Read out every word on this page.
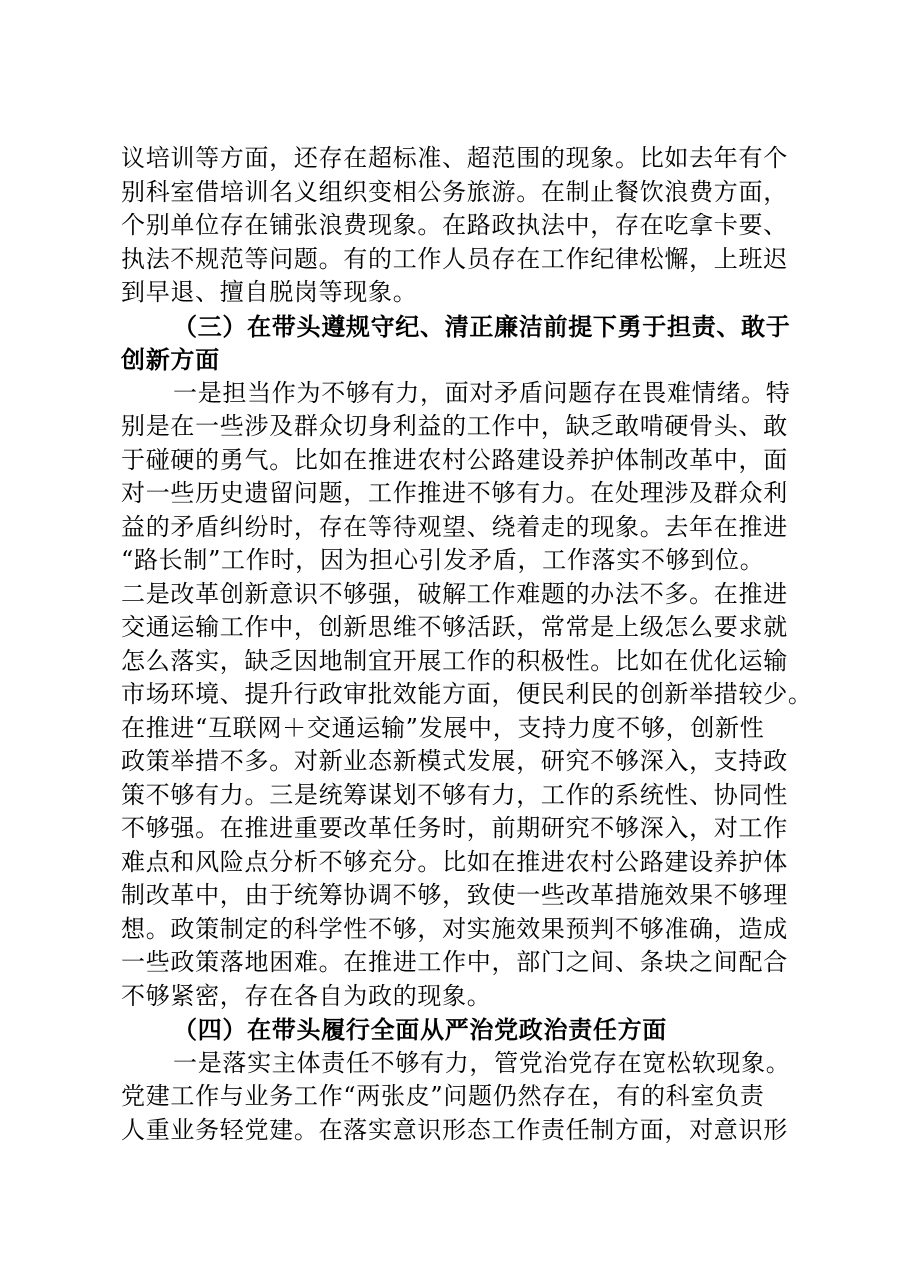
议培训等方面，还存在超标准、超范围的现象。比如去年有个
别科室借培训名义组织变相公务旅游。在制止餐饮浪费方面，
个别单位存在铺张浪费现象。在路政执法中，存在吃拿卡要、
执法不规范等问题。有的工作人员存在工作纪律松懈，上班迟
到早退、擅自脱岗等现象。
（三）在带头遵规守纪、清正廉洁前提下勇于担责、敢于
创新方面
一是担当作为不够有力，面对矛盾问题存在畏难情绪。特
别是在一些涉及群众切身利益的工作中，缺乏敢啃硬骨头、敢
于碰硬的勇气。比如在推进农村公路建设养护体制改革中，面
对一些历史遗留问题，工作推进不够有力。在处理涉及群众利
益的矛盾纠纷时，存在等待观望、绕着走的现象。去年在推进
“路长制”工作时，因为担心引发矛盾，工作落实不够到位。
二是改革创新意识不够强，破解工作难题的办法不多。在推进
交通运输工作中，创新思维不够活跃，常常是上级怎么要求就
怎么落实，缺乏因地制宜开展工作的积极性。比如在优化运输
市场环境、提升行政审批效能方面，便民利民的创新举措较少。
在推进“互联网＋交通运输”发展中，支持力度不够，创新性
政策举措不多。对新业态新模式发展，研究不够深入，支持政
策不够有力。三是统筹谋划不够有力，工作的系统性、协同性
不够强。在推进重要改革任务时，前期研究不够深入，对工作
难点和风险点分析不够充分。比如在推进农村公路建设养护体
制改革中，由于统筹协调不够，致使一些改革措施效果不够理
想。政策制定的科学性不够，对实施效果预判不够准确，造成
一些政策落地困难。在推进工作中，部门之间、条块之间配合
不够紧密，存在各自为政的现象。
（四）在带头履行全面从严治党政治责任方面
一是落实主体责任不够有力，管党治党存在宽松软现象。
党建工作与业务工作“两张皮”问题仍然存在，有的科室负责
人重业务轻党建。在落实意识形态工作责任制方面，对意识形
